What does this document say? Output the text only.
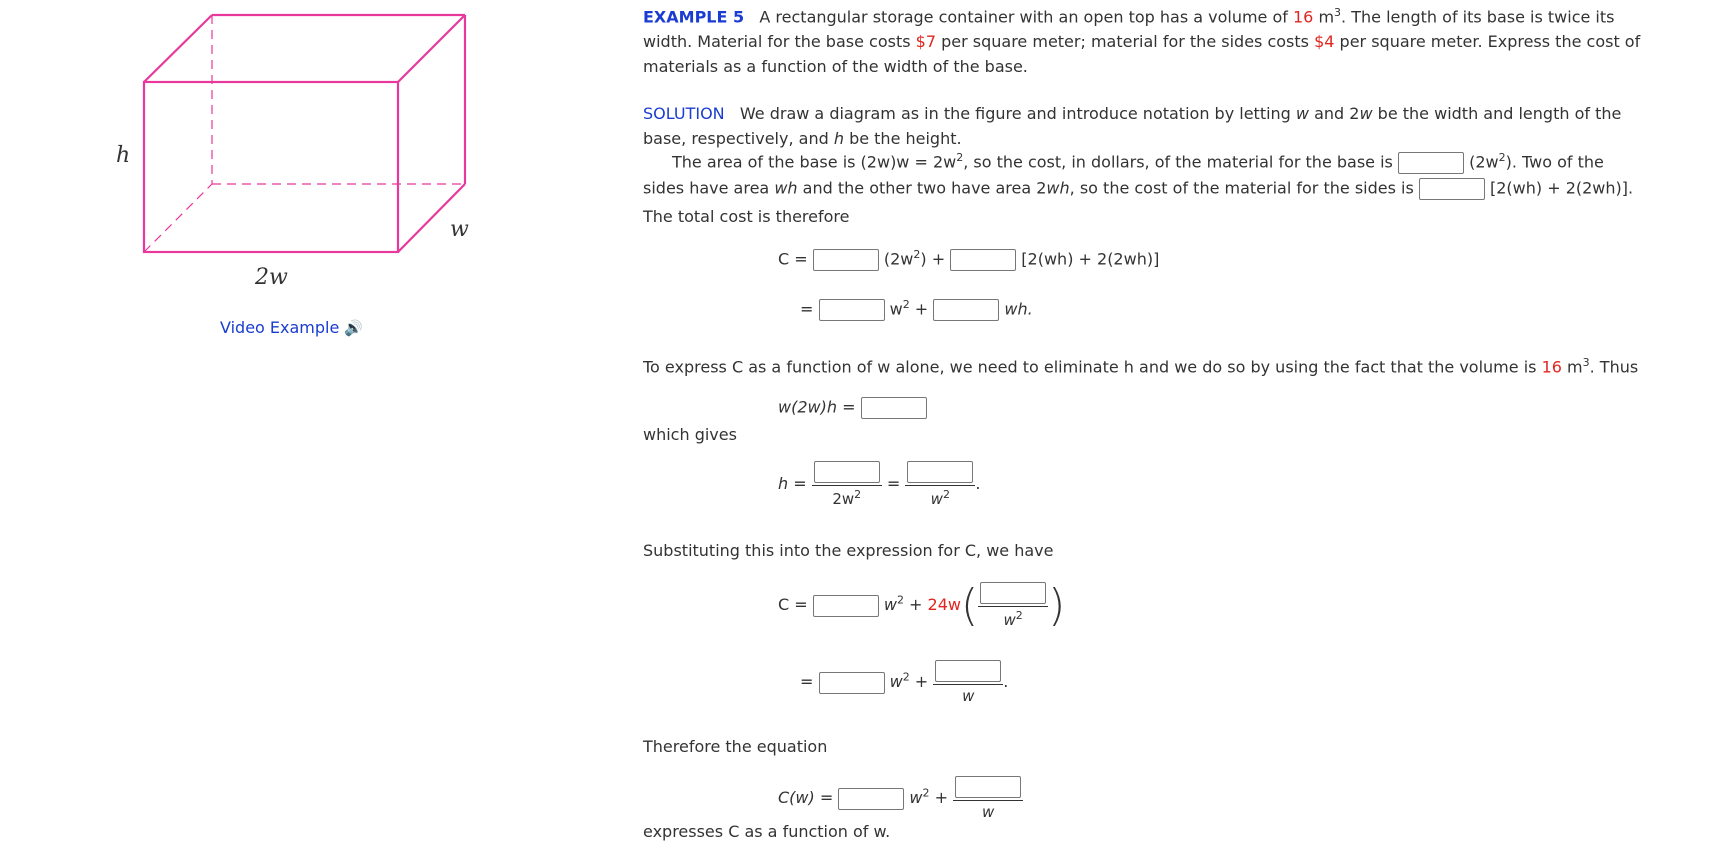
h
w
2w
Video Example 🔊
EXAMPLE 5 A rectangular storage container with an open top has a volume of 16 $m^3$. The length of its base is twice its width. Material for the base costs $7 per square meter; material for the sides costs $4 per square meter. Express the cost of materials as a function of the width of the base.
SOLUTION We draw a diagram as in the figure and introduce notation by letting w and 2w be the width and length of the base, respectively, and h be the height.
The area of the base is $(2w)w = 2w^2$, so the cost, in dollars, of the material for the base is	$(2w^2)$. Two of the
sides have area wh and the other two have area 2wh, so the cost of the material for the sides is	[2(wh) + 2(2wh)].
The total cost is therefore
C =	$(2w^2)$ +	[2(wh) + 2(2wh)]
=	$w^2$ +	wh.
To express C as a function of w alone, we need to eliminate h and we do so by using the fact that the volume is 16 $m^3$. Thus
w(2w)h =
which gives
h =
$2w^2$
=
$w^2$
.
Substituting this into the expression for C, we have
C =	$w^2 + 24w$(	$w^2$ )
=	$w^2$ +
w
.
Therefore the equation
C(w) =	$w^2$ +
w
expresses C as a function of w.
